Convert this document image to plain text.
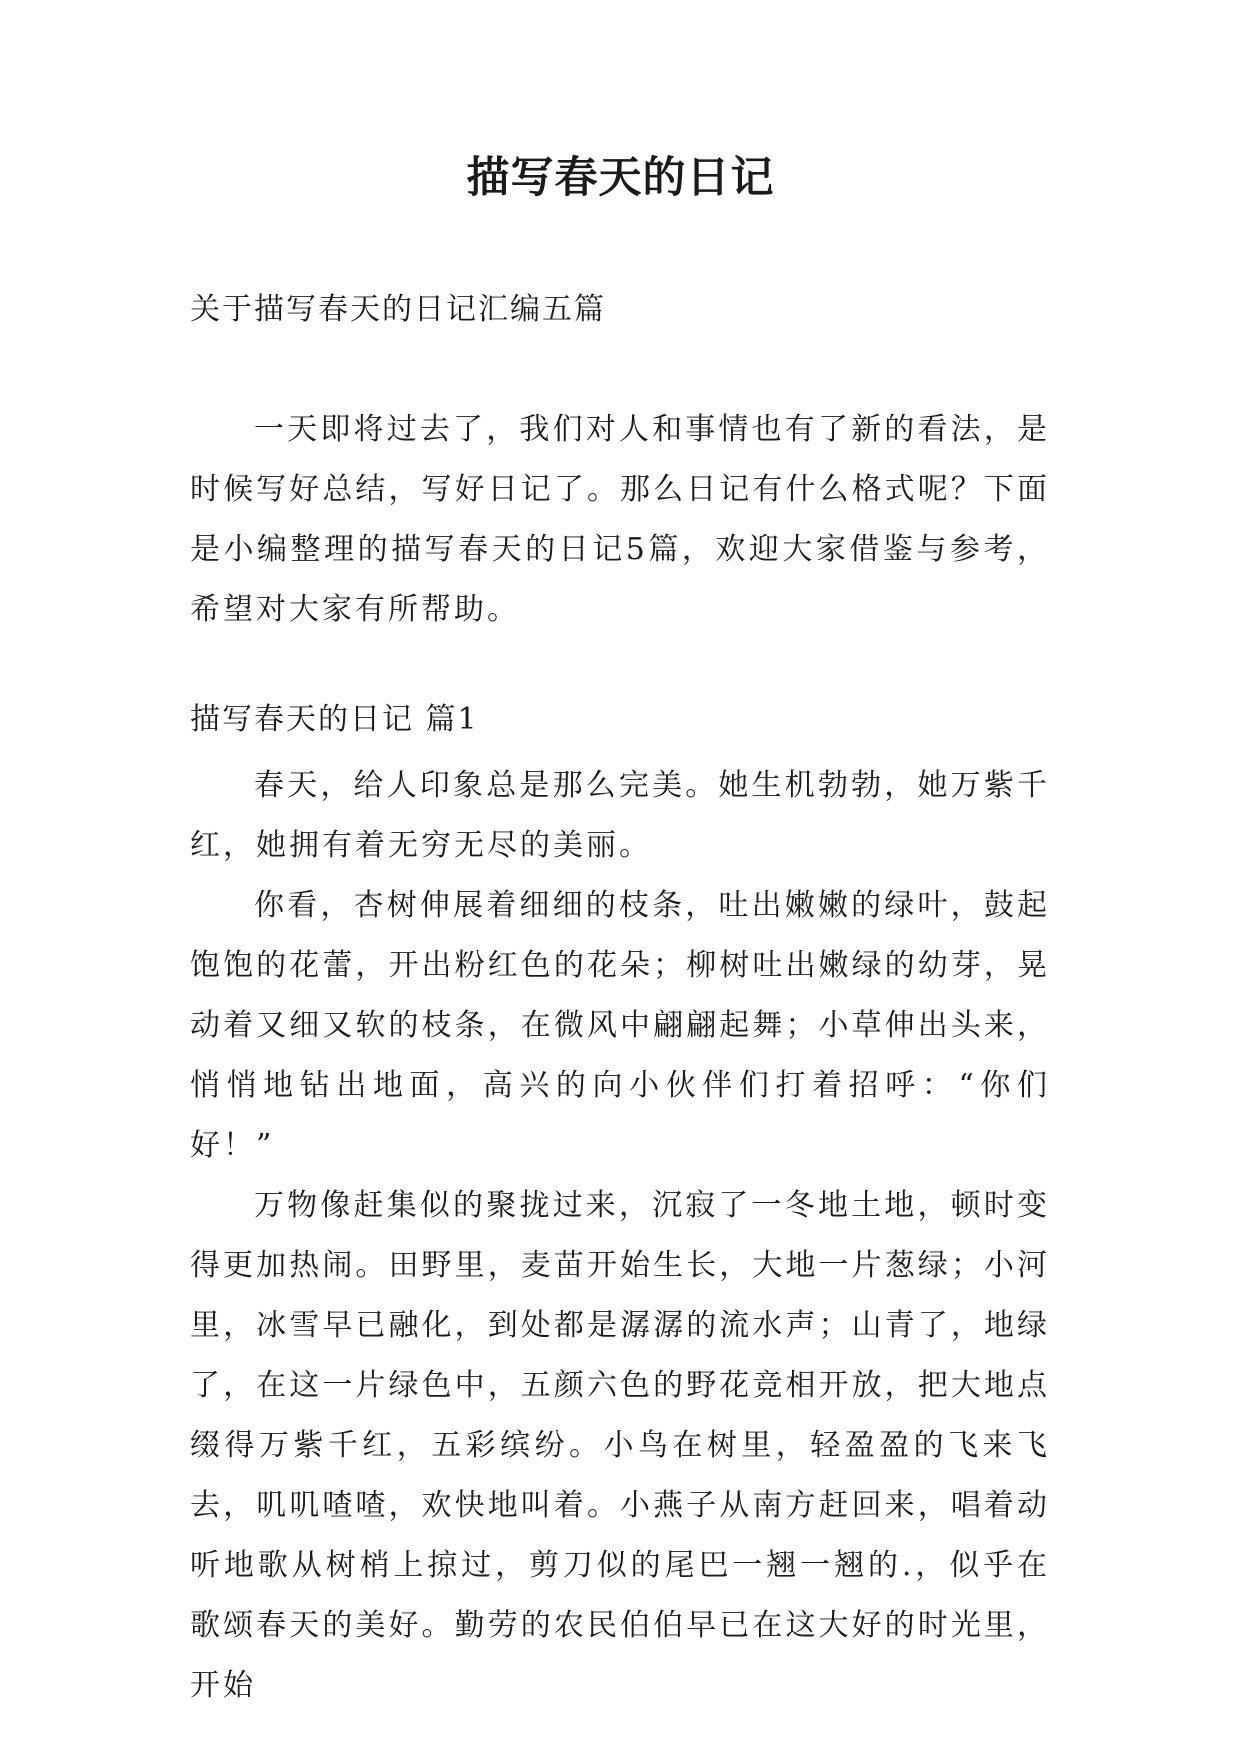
描写春天的日记
关于描写春天的日记汇编五篇

一天即将过去了，我们对人和事情也有了新的看法，是时候写好总结，写好日记了。那么日记有什么格式呢？下面是小编整理的描写春天的日记5篇，欢迎大家借鉴与参考，希望对大家有所帮助。

描写春天的日记 篇1

春天，给人印象总是那么完美。她生机勃勃，她万紫千红，她拥有着无穷无尽的美丽。

你看，杏树伸展着细细的枝条，吐出嫩嫩的绿叶，鼓起饱饱的花蕾，开出粉红色的花朵；柳树吐出嫩绿的幼芽，晃动着又细又软的枝条，在微风中翩翩起舞；小草伸出头来，悄悄地钻出地面，高兴的向小伙伴们打着招呼：“你们好！”

万物像赶集似的聚拢过来，沉寂了一冬地土地，顿时变得更加热闹。田野里，麦苗开始生长，大地一片葱绿；小河里，冰雪早已融化，到处都是潺潺的流水声；山青了，地绿了，在这一片绿色中，五颜六色的野花竞相开放，把大地点缀得万紫千红，五彩缤纷。小鸟在树里，轻盈盈的飞来飞去，叽叽喳喳，欢快地叫着。小燕子从南方赶回来，唱着动听地歌从树梢上掠过，剪刀似的尾巴一翘一翘的.，似乎在歌颂春天的美好。勤劳的农民伯伯早已在这大好的时光里，开始
